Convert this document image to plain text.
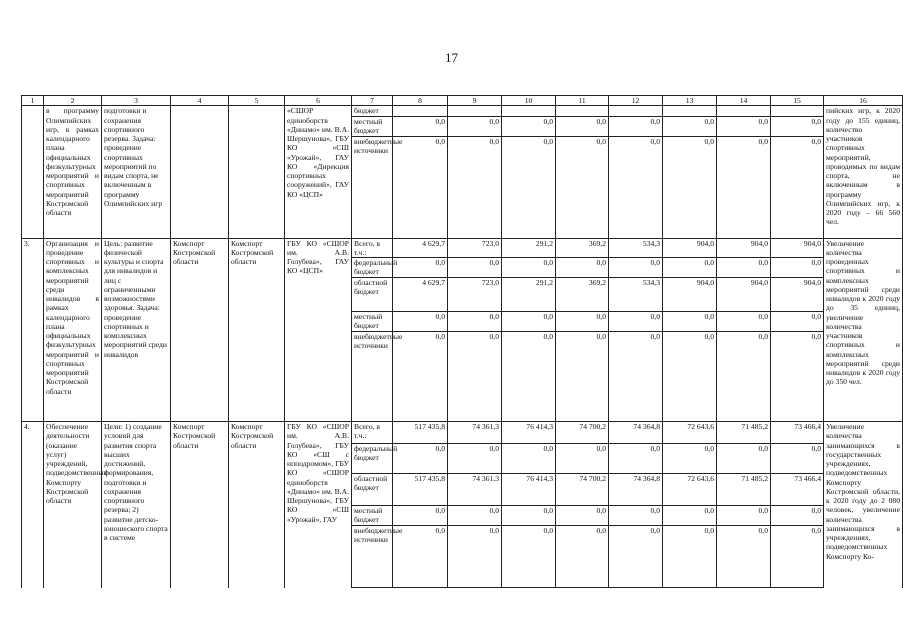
17
1	2	3	4	5	6	7	8	9	10	11	12	13	14	15	16
	в программу Олимпийских игр, в рамках календарного плана официальных физкультурных мероприятий и спортивных мероприятий Костромской области	подготовки и сохранения спортивного резерва. Задача: проведение спортивных мероприятий по видам спорта, не включенным в программу Олимпийских игр			«СШОР единоборств «Динамо» им. В.А. Шершунова», ГБУ КО «СШ «Урожай», ГАУ КО «Дирекция спортивных сооружений», ГАУ КО «ЦСП»	бюджет									пийских игр, к 2020 году до 155 единиц, количество участников спортивных мероприятий, проводимых по видам спорта, не включенным в программу Олимпийских игр, к 2020 году – 66 560 чел.
						местный бюджет	0,0	0,0	0,0	0,0	0,0	0,0	0,0	0,0	
						внебюджетные источники	0,0	0,0	0,0	0,0	0,0	0,0	0,0	0,0	
3.	Организация и проведение спортивных и комплексных мероприятий среди инвалидов в рамках календарного плана официальных физкультурных мероприятий и спортивных мероприятий Костромской области	Цель: развитие физической культуры и спорта для инвалидов и лиц с ограниченными возможностями здоровья. Задача: проведение спортивных и комплексных мероприятий среди инвалидов	Комспорт Костромской области	Комспорт Костромской области	ГБУ КО «СШОР им. А.В. Голубева», ГАУ КО «ЦСП»	Всего, в т.ч.:	4 629,7	723,0	291,2	369,2	534,3	904,0	904,0	904,0	Увеличение количества проведенных спортивных и комплексных мероприятий среди инвалидов к 2020 году до 35 единиц, увеличение количества участников спортивных и комплексных мероприятий среди инвалидов к 2020 году до 350 чел.
						федеральный бюджет	0,0	0,0	0,0	0,0	0,0	0,0	0,0	0,0	
						областной бюджет	4 629,7	723,0	291,2	369,2	534,3	904,0	904,0	904,0	
						местный бюджет	0,0	0,0	0,0	0,0	0,0	0,0	0,0	0,0	
						внебюджетные источники	0,0	0,0	0,0	0,0	0,0	0,0	0,0	0,0	
4.	Обеспечение деятельности (оказание услуг) учреждений, подведомственных Комспорту Костромской области	Цели: 1) создание условий для развития спорта высших достижений, формирования, подготовки и сохранения спортивного резерва; 2) развитие детско-юношеского спорта в системе	Комспорт Костромской области	Комспорт Костромской области	ГБУ КО «СШОР им. А.В. Голубева», ГБУ КО «СШ с ипподромом», ГБУ КО «СШОР единоборств «Динамо» им. В.А. Шершунова», ГБУ КО «СШ «Урожай», ГАУ	Всего, в т.ч.:	517 435,8	74 361,3	76 414,3	74 700,2	74 364,8	72 643,6	71 485,2	73 466,4	Увеличение количества занимающихся в государственных учреждениях, подведомственных Комспорту Костромской области, к 2020 году до 2 080 человек, увеличение количества занимающихся в учреждениях, подведомственных Комспорту Ко-
						федеральный бюджет	0,0	0,0	0,0	0,0	0,0	0,0	0,0	0,0	
						областной бюджет	517 435,8	74 361,3	76 414,3	74 700,2	74 364,8	72 643,6	71 485,2	73 466,4	
						местный бюджет	0,0	0,0	0,0	0,0	0,0	0,0	0,0	0,0	
						внебюджетные источники	0,0	0,0	0,0	0,0	0,0	0,0	0,0	0,0	
